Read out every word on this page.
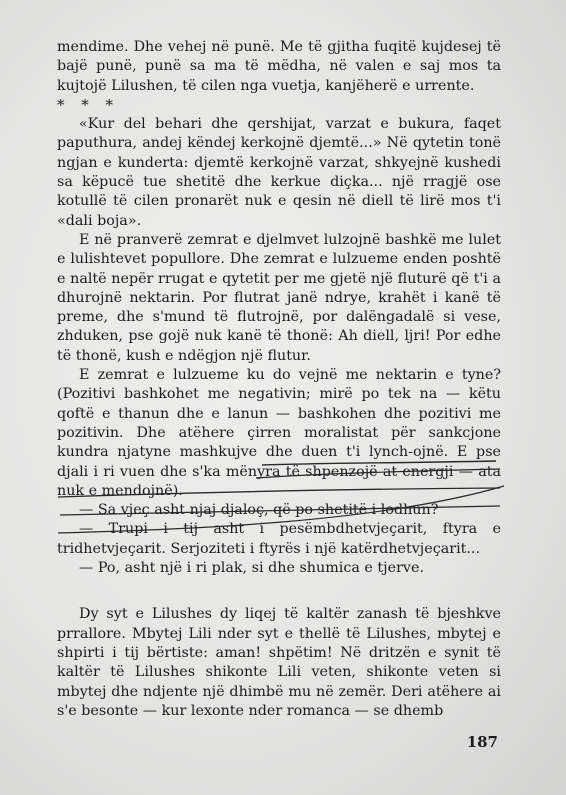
mendime. Dhe vehej në punë. Me të gjitha fuqitë kujdesej të bajë punë, punë sa ma të mëdha, në valen e saj mos ta kujtojë Lilushen, të cilen nga vuetja, kanjëherë e urrente.

* * *

«Kur del behari dhe qershijat, varzat e bukura, faqet paputhura, andej këndej kerkojnë djemtë...» Në qytetin tonë ngjan e kunderta: djemtë kerkojnë varzat, shkyejnë kushedi sa këpucë tue shetitë dhe kerkue diçka... një rragjë ose kotullë të cilen pronarët nuk e qesin në diell të lirë mos t'i «dali boja».

E në pranverë zemrat e djelmvet lulzojnë bashkë me lulet e lulishtevet popullore. Dhe zemrat e lulzueme enden poshtë e naltë nepër rrugat e qytetit per me gjetë një fluturë që t'i a dhurojnë nektarin. Por flutrat janë ndrye, krahët i kanë të preme, dhe s'mund të flutrojnë, por dalëngadalë si vese, zhduken, pse gojë nuk kanë të thonë: Ah diell, ljri! Por edhe të thonë, kush e ndëgjon një flutur.

E zemrat e lulzueme ku do vejnë me nektarin e tyne? (Pozitivi bashkohet me negativin; mirë po tek na — këtu qoftë e thanun dhe e lanun — bashkohen dhe pozitivi me pozitivin. Dhe atëhere çirren moralistat për sankcjone kundra njatyne mashkujve dhe duen t'i lynch-ojnë. E pse djali i ri vuen dhe s'ka mënyra të shpenzojë at energji — ata nuk e mendojnë).

— Sa vjeç asht njaj djaloç, që po shetitë i lodhun?

— Trupi i tij asht i pesëmbdhetvjeçarit, ftyra e tridhetvjeçarit. Serjoziteti i ftyrës i një katërdhetvjeçarit...

— Po, asht një i ri plak, si dhe shumica e tjerve.

Dy syt e Lilushes dy liqej të kaltër zanash të bjeshkve prrallore. Mbytej Lili nder syt e thellë të Lilushes, mbytej e shpirti i tij bërtiste: aman! shpëtim! Në dritzën e synit të kaltër të Lilushes shikonte Lili veten, shikonte veten si mbytej dhe ndjente një dhimbë mu në zemër. Deri atëhere ai s'e besonte — kur lexonte nder romanca — se dhemb

187
